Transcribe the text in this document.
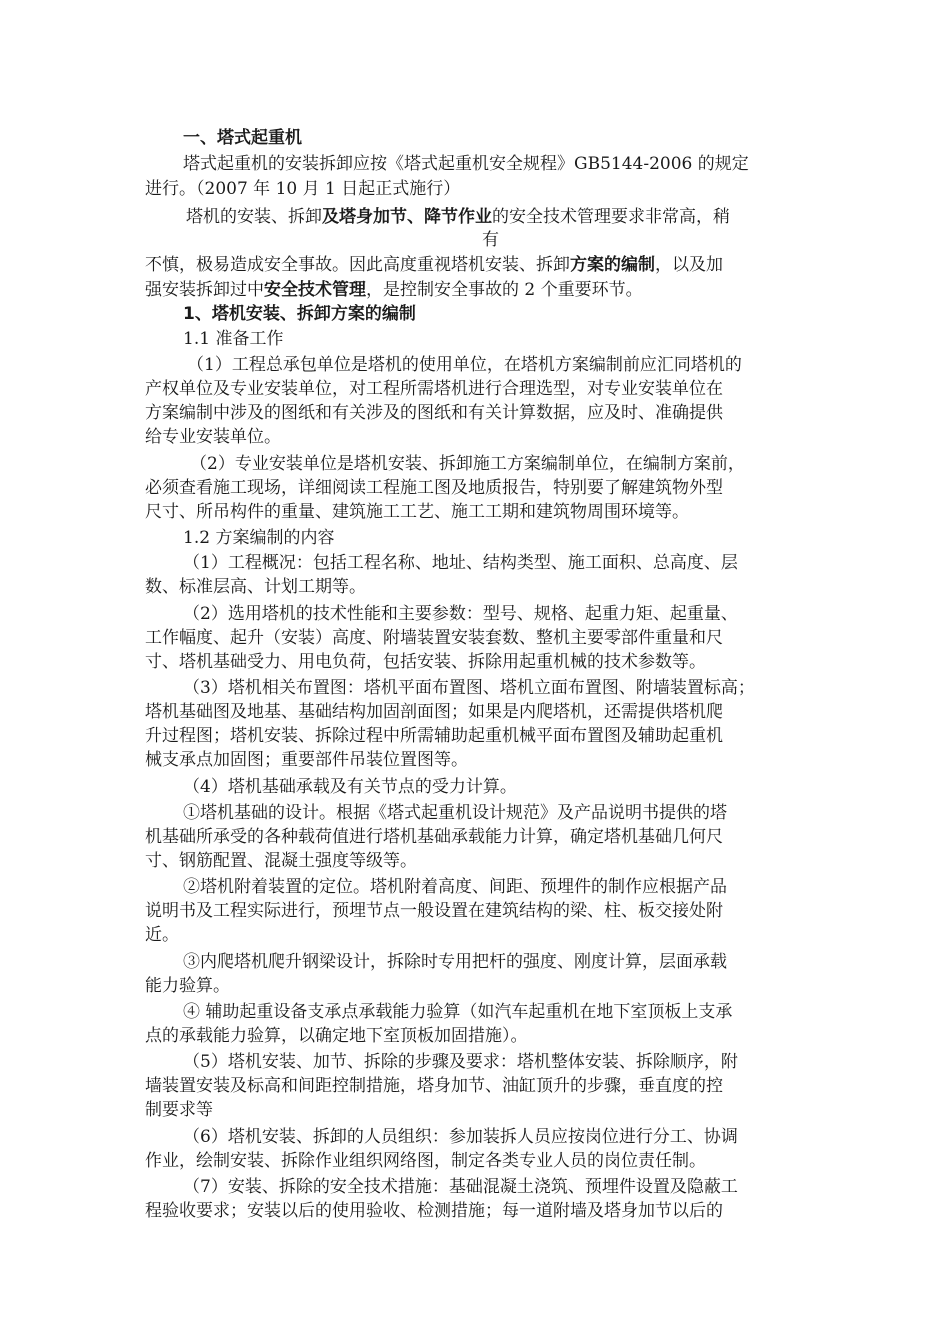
一、塔式起重机
塔式起重机的安装拆卸应按《塔式起重机安全规程》GB5144-2006 的规定
进行。（2007 年 10 月 1 日起正式施行）
塔机的安装、拆卸及塔身加节、降节作业的安全技术管理要求非常高，稍
有
不慎，极易造成安全事故。因此高度重视塔机安装、拆卸方案的编制，以及加
强安装拆卸过中安全技术管理，是控制安全事故的 2 个重要环节。
1、塔机安装、拆卸方案的编制
1.1 准备工作
（1）工程总承包单位是塔机的使用单位，在塔机方案编制前应汇同塔机的
产权单位及专业安装单位，对工程所需塔机进行合理选型，对专业安装单位在
方案编制中涉及的图纸和有关涉及的图纸和有关计算数据，应及时、准确提供
给专业安装单位。
（2）专业安装单位是塔机安装、拆卸施工方案编制单位，在编制方案前，
必须查看施工现场，详细阅读工程施工图及地质报告，特别要了解建筑物外型
尺寸、所吊构件的重量、建筑施工工艺、施工工期和建筑物周围环境等。
1.2 方案编制的内容
（1）工程概况：包括工程名称、地址、结构类型、施工面积、总高度、层
数、标准层高、计划工期等。
（2）选用塔机的技术性能和主要参数：型号、规格、起重力矩、起重量、
工作幅度、起升（安装）高度、附墙装置安装套数、整机主要零部件重量和尺
寸、塔机基础受力、用电负荷，包括安装、拆除用起重机械的技术参数等。
（3）塔机相关布置图：塔机平面布置图、塔机立面布置图、附墙装置标高；
塔机基础图及地基、基础结构加固剖面图；如果是内爬塔机，还需提供塔机爬
升过程图；塔机安装、拆除过程中所需辅助起重机械平面布置图及辅助起重机
械支承点加固图；重要部件吊装位置图等。
（4）塔机基础承载及有关节点的受力计算。
①塔机基础的设计。根据《塔式起重机设计规范》及产品说明书提供的塔
机基础所承受的各种载荷值进行塔机基础承载能力计算，确定塔机基础几何尺
寸、钢筋配置、混凝土强度等级等。
②塔机附着装置的定位。塔机附着高度、间距、预埋件的制作应根据产品
说明书及工程实际进行，预埋节点一般设置在建筑结构的梁、柱、板交接处附
近。
③内爬塔机爬升钢梁设计，拆除时专用把杆的强度、刚度计算，层面承载
能力验算。
④ 辅助起重设备支承点承载能力验算（如汽车起重机在地下室顶板上支承
点的承载能力验算，以确定地下室顶板加固措施）。
（5）塔机安装、加节、拆除的步骤及要求：塔机整体安装、拆除顺序，附
墙装置安装及标高和间距控制措施，塔身加节、油缸顶升的步骤，垂直度的控
制要求等
（6）塔机安装、拆卸的人员组织：参加装拆人员应按岗位进行分工、协调
作业，绘制安装、拆除作业组织网络图，制定各类专业人员的岗位责任制。
（7）安装、拆除的安全技术措施：基础混凝土浇筑、预埋件设置及隐蔽工
程验收要求；安装以后的使用验收、检测措施；每一道附墙及塔身加节以后的
